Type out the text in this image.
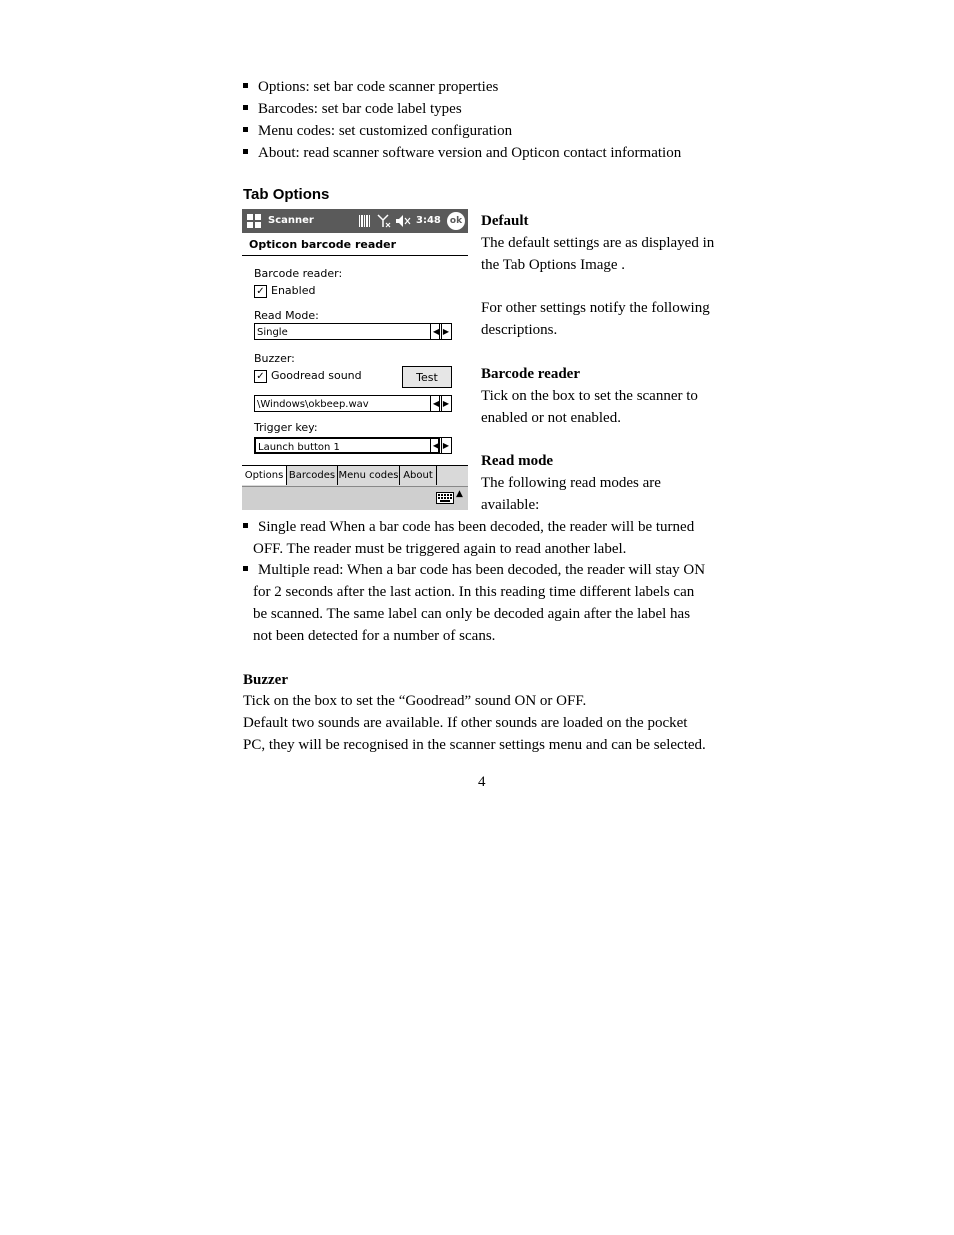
Options: set bar code scanner properties
Barcodes: set bar code label types
Menu codes: set customized configuration
About: read scanner software version and Opticon contact information
Tab Options
Scanner	3:48	ok
Opticon barcode reader
Barcode reader:
✓ Enabled
Read Mode:
Single	◀ ▶
Buzzer:
✓ Goodread sound	Test
\Windows\okbeep.wav	◀ ▶
Trigger key:
Launch button 1	◀ ▶
Options Barcodes Menu codes About
▲
Default
The default settings are as displayed in
the Tab Options Image .
For other settings notify the following
descriptions.
Barcode reader
Tick on the box to set the scanner to
enabled or not enabled.
Read mode
The following read modes are
available:
Single read When a bar code has been decoded, the reader will be turned
OFF. The reader must be triggered again to read another label.
Multiple read: When a bar code has been decoded, the reader will stay ON
for 2 seconds after the last action. In this reading time different labels can
be scanned. The same label can only be decoded again after the label has
not been detected for a number of scans.
Buzzer
Tick on the box to set the “Goodread” sound ON or OFF.
Default two sounds are available. If other sounds are loaded on the pocket
PC, they will be recognised in the scanner settings menu and can be selected.
4
